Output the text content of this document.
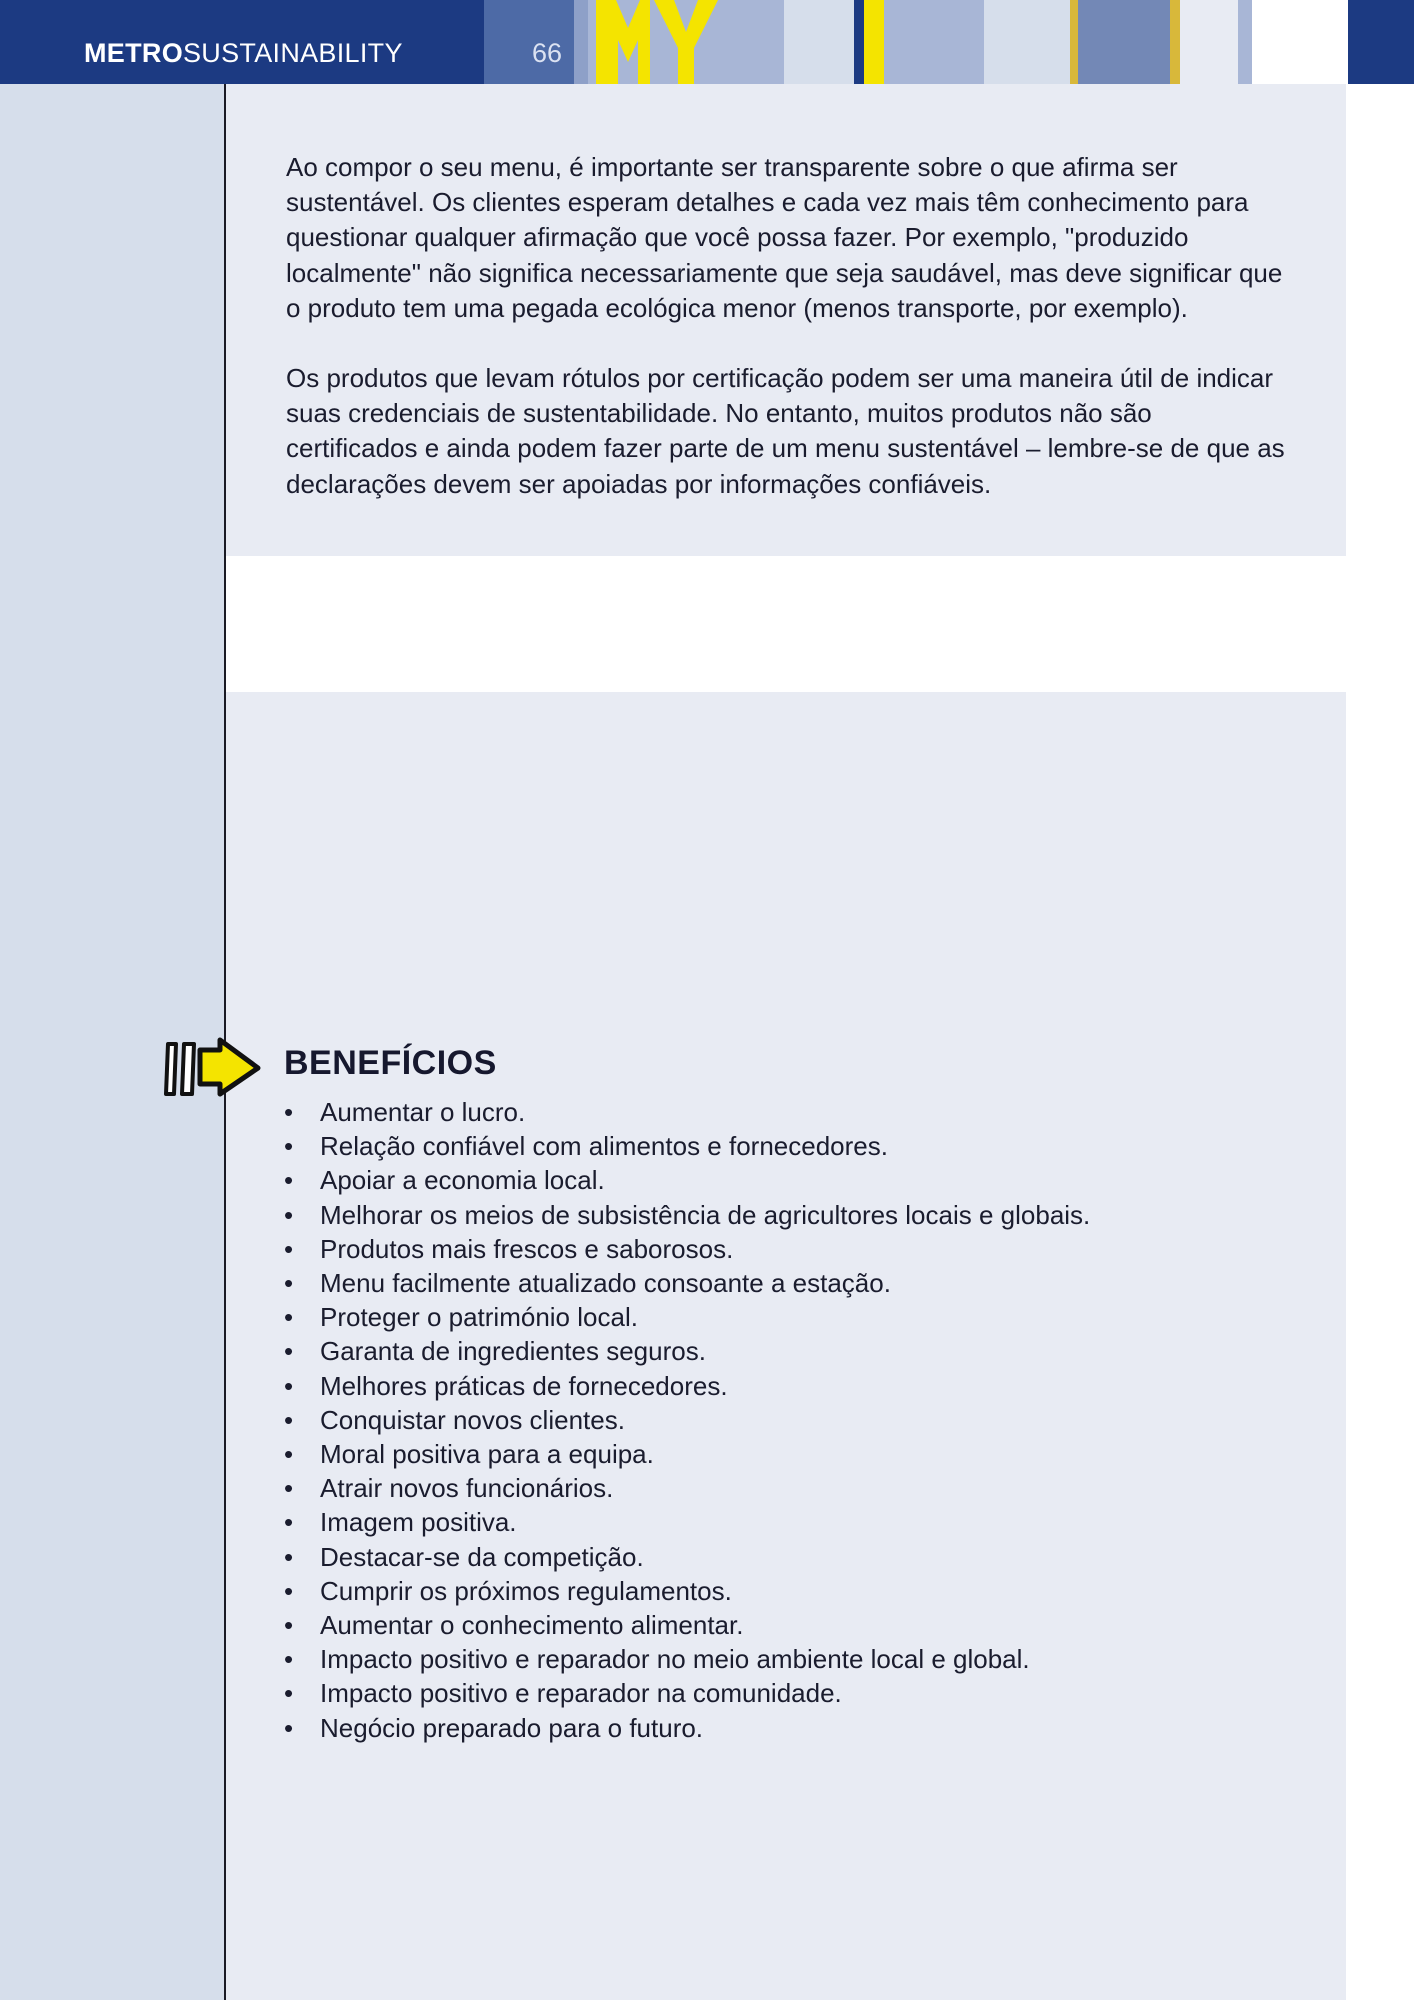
METROSUSTAINABILITY	66

Ao compor o seu menu, é importante ser transparente sobre o que afirma ser sustentável. Os clientes esperam detalhes e cada vez mais têm conhecimento para questionar qualquer afirmação que você possa fazer. Por exemplo, "produzido localmente" não significa necessariamente que seja saudável, mas deve significar que o produto tem uma pegada ecológica menor (menos transporte, por exemplo).

Os produtos que levam rótulos por certificação podem ser uma maneira útil de indicar suas credenciais de sustentabilidade. No entanto, muitos produtos não são certificados e ainda podem fazer parte de um menu sustentável – lembre-se de que as declarações devem ser apoiadas por informações confiáveis.

BENEFÍCIOS
• Aumentar o lucro.
• Relação confiável com alimentos e fornecedores.
• Apoiar a economia local.
• Melhorar os meios de subsistência de agricultores locais e globais.
• Produtos mais frescos e saborosos.
• Menu facilmente atualizado consoante a estação.
• Proteger o património local.
• Garanta de ingredientes seguros.
• Melhores práticas de fornecedores.
• Conquistar novos clientes.
• Moral positiva para a equipa.
• Atrair novos funcionários.
• Imagem positiva.
• Destacar-se da competição.
• Cumprir os próximos regulamentos.
• Aumentar o conhecimento alimentar.
• Impacto positivo e reparador no meio ambiente local e global.
• Impacto positivo e reparador na comunidade.
• Negócio preparado para o futuro.
